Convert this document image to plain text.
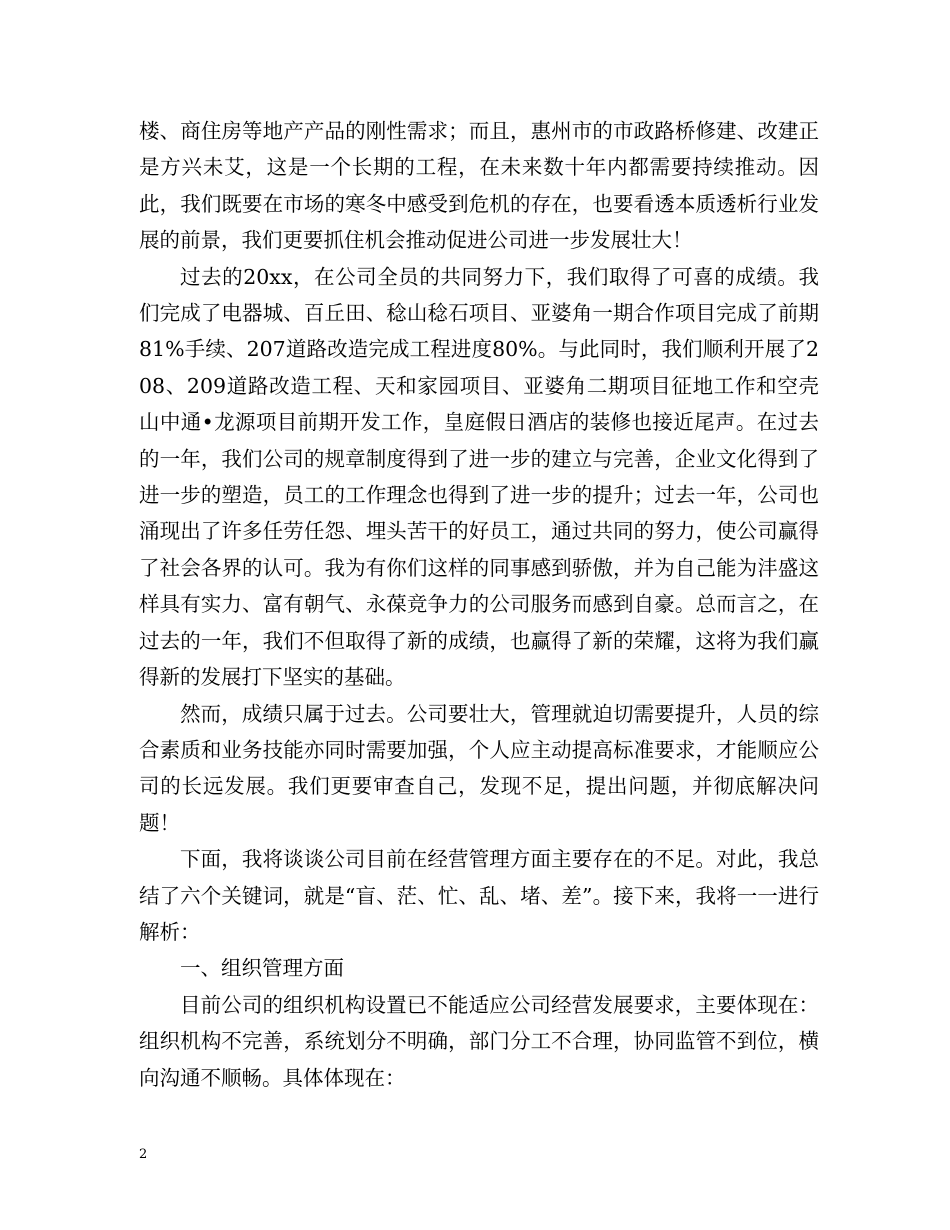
楼、商住房等地产产品的刚性需求；而且，惠州市的市政路桥修建、改建正是方兴未艾，这是一个长期的工程，在未来数十年内都需要持续推动。因此，我们既要在市场的寒冬中感受到危机的存在，也要看透本质透析行业发展的前景，我们更要抓住机会推动促进公司进一步发展壮大！

过去的20xx，在公司全员的共同努力下，我们取得了可喜的成绩。我们完成了电器城、百丘田、稔山稔石项目、亚婆角一期合作项目完成了前期81%手续、207道路改造完成工程进度80%。与此同时，我们顺利开展了208、209道路改造工程、天和家园项目、亚婆角二期项目征地工作和空壳山中通•龙源项目前期开发工作，皇庭假日酒店的装修也接近尾声。在过去的一年，我们公司的规章制度得到了进一步的建立与完善，企业文化得到了进一步的塑造，员工的工作理念也得到了进一步的提升；过去一年，公司也涌现出了许多任劳任怨、埋头苦干的好员工，通过共同的努力，使公司赢得了社会各界的认可。我为有你们这样的同事感到骄傲，并为自己能为沣盛这样具有实力、富有朝气、永葆竞争力的公司服务而感到自豪。总而言之，在过去的一年，我们不但取得了新的成绩，也赢得了新的荣耀，这将为我们赢得新的发展打下坚实的基础。

然而，成绩只属于过去。公司要壮大，管理就迫切需要提升，人员的综合素质和业务技能亦同时需要加强，个人应主动提高标准要求，才能顺应公司的长远发展。我们更要审查自己，发现不足，提出问题，并彻底解决问题！

下面，我将谈谈公司目前在经营管理方面主要存在的不足。对此，我总结了六个关键词，就是“盲、茫、忙、乱、堵、差”。接下来，我将一一进行解析：

一、组织管理方面

目前公司的组织机构设置已不能适应公司经营发展要求，主要体现在：组织机构不完善，系统划分不明确，部门分工不合理，协同监管不到位，横向沟通不顺畅。具体体现在：

2
